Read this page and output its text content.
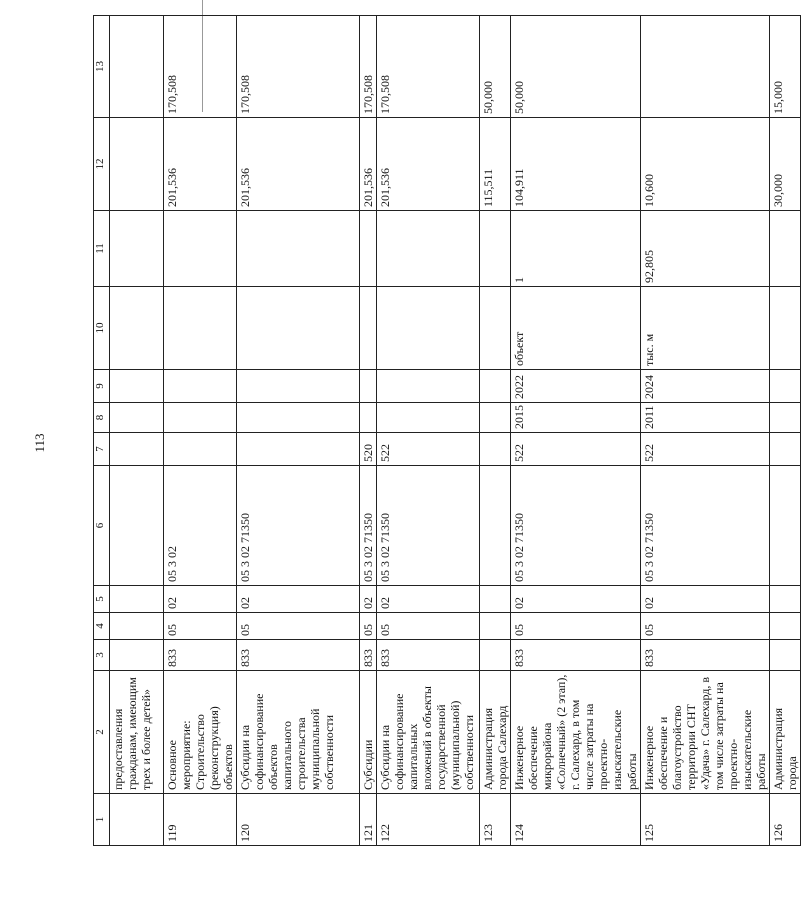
113
1	2	3	4	5	6	7	8	9	10	11	12	13
	предоставления гражданам, имеющим трех и более детей»											
119	Основное мероприятие: Строительство (реконструкция) объектов	833	05	02	05 3 02						201,536	170,508
120	Субсидии на софинансирование объектов капитального строительства муниципальной собственности	833	05	02	05 3 02 71350						201,536	170,508
121	Субсидии	833	05	02	05 3 02 71350	520					201,536	170,508
122	Субсидии на софинансирование капитальных вложений в объекты государственной (муниципальной) собственности	833	05	02	05 3 02 71350	522					201,536	170,508
123	Администрация города Салехард										115,511	50,000
124	Инженерное обеспечение микрорайона «Солнечный» (2 этап), г. Салехард, в том числе затраты на проектно-изыскательские работы	833	05	02	05 3 02 71350	522	2015	2022	объект	1	104,911	50,000
125	Инженерное обеспечение и благоустройство территории СНТ «Удача» г. Салехард, в том числе затраты на проектно-изыскательские работы	833	05	02	05 3 02 71350	522	2011	2024	тыс. м	92,805	10,600	
126	Администрация города										30,000	15,000
